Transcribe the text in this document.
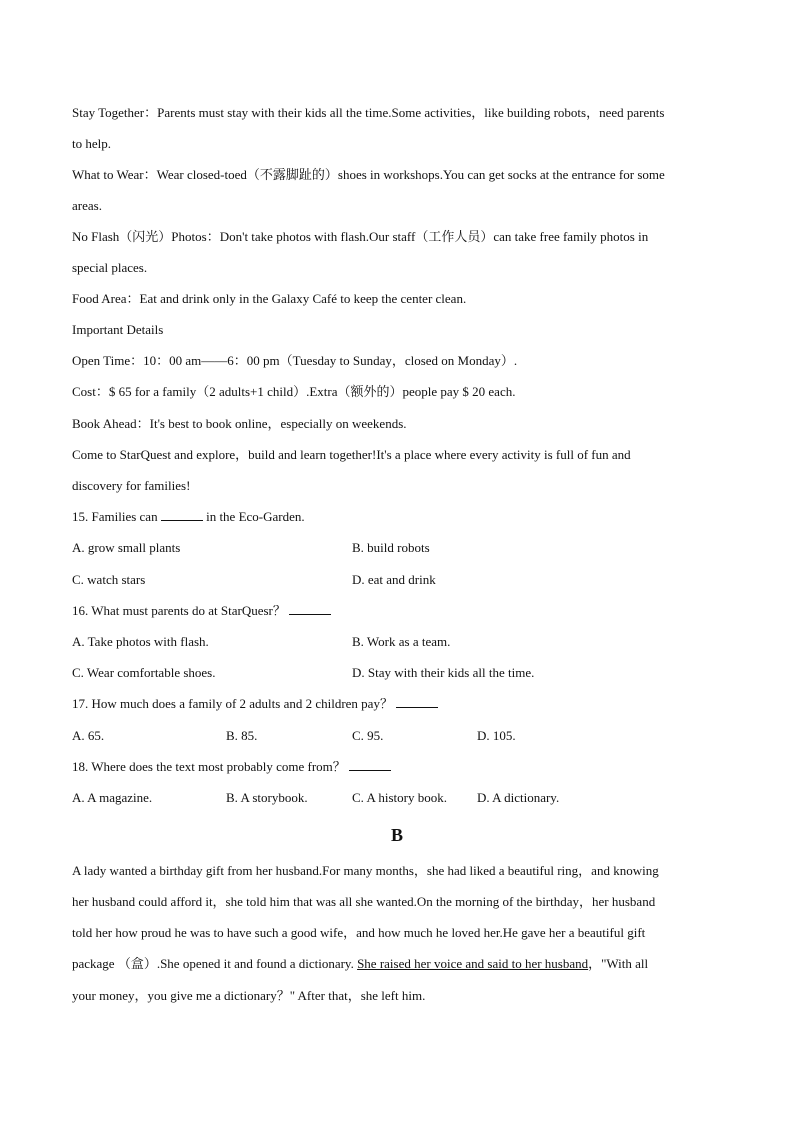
Stay Together：Parents must stay with their kids all the time.Some activities，like building robots，need parents
to help.
What to Wear：Wear closed-toed（不露脚趾的）shoes in workshops.You can get socks at the entrance for some
areas.
No Flash（闪光）Photos：Don't take photos with flash.Our staff（工作人员）can take free family photos in
special places.
Food Area：Eat and drink only in the Galaxy Café to keep the center clean.
Important Details
Open Time：10：00 am——6：00 pm（Tuesday to Sunday，closed on Monday）.
Cost：$ 65 for a family（2 adults+1 child）.Extra（额外的）people pay $ 20 each.
Book Ahead：It's best to book online，especially on weekends.
Come to StarQuest and explore，build and learn together!It's a place where every activity is full of fun and
discovery for families!
15. Families can	in the Eco-Garden.
A. grow small plants	B. build robots
C. watch stars	D. eat and drink
16. What must parents do at StarQuesr？
A. Take photos with flash.	B. Work as a team.
C. Wear comfortable shoes.	D. Stay with their kids all the time.
17. How much does a family of 2 adults and 2 children pay？
A. 65.	B. 85.	C. 95.	D. 105.
18. Where does the text most probably come from？
A. A magazine.	B. A storybook.	C. A history book. D. A dictionary.
B
A lady wanted a birthday gift from her husband.For many months，she had liked a beautiful ring，and knowing
her husband could afford it，she told him that was all she wanted.On the morning of the birthday，her husband
told her how proud he was to have such a good wife，and how much he loved her.He gave her a beautiful gift
package （盒）.She opened it and found a dictionary. She raised her voice and said to her husband，"With all
your money，you give me a dictionary？" After that，she left him.
